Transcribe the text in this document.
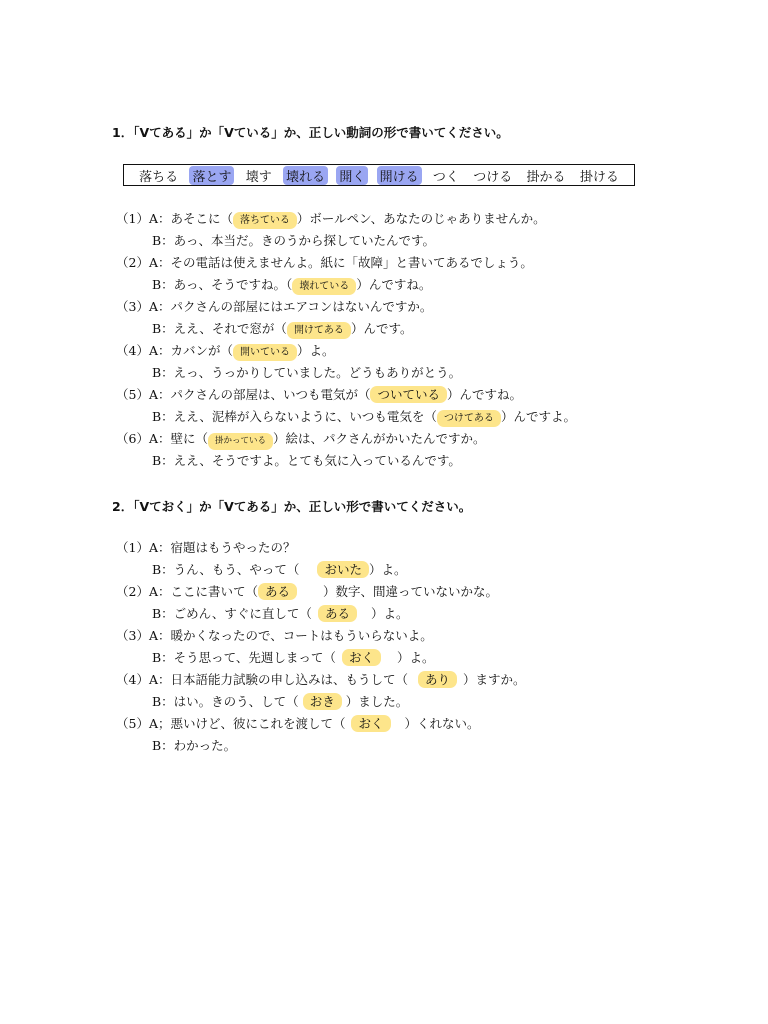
1．「Vてある」か「Vている」か、正しい動詞の形で書いてください。
落ちる 落とす 壊す 壊れる 開く 開ける つく つける 掛かる 掛ける
（1）A：あそこに（ 落ちている ）ボールペン、あなたのじゃありませんか。
B：あっ、本当だ。きのうから探していたんです。
（2）A：その電話は使えませんよ。紙に「故障」と書いてあるでしょう。
B：あっ、そうですね。（ 壊れている ）んですね。
（3）A：パクさんの部屋にはエアコンはないんですか。
B：ええ、それで窓が（ 開けてある ）んです。
（4）A：カバンが（ 開いている ）よ。
B：えっ、うっかりしていました。どうもありがとう。
（5）A：パクさんの部屋は、いつも電気が（ ついている ）んですね。
B：ええ、泥棒が入らないように、いつも電気を（ つけてある ）んですよ。
（6）A：壁に（ 掛かっている ）絵は、パクさんがかいたんですか。
B：ええ、そうですよ。とても気に入っているんです。
2．「Vておく」か「Vてある」か、正しい形で書いてください。
（1）A：宿題はもうやったの？
B：うん、もう、やって（ おいた ）よ。
（2）A：ここに書いて（ ある	）数字、間違っていないかな。
B：ごめん、すぐに直して（ ある ）よ。
（3）A：暖かくなったので、コートはもういらないよ。
B：そう思って、先週しまって（ おく ）よ。
（4）A：日本語能力試験の申し込みは、もうして（ あり ）ますか。
B：はい。きのう、して（ おき ）ました。
（5）A；悪いけど、彼にこれを渡して（ おく ）くれない。
B：わかった。
